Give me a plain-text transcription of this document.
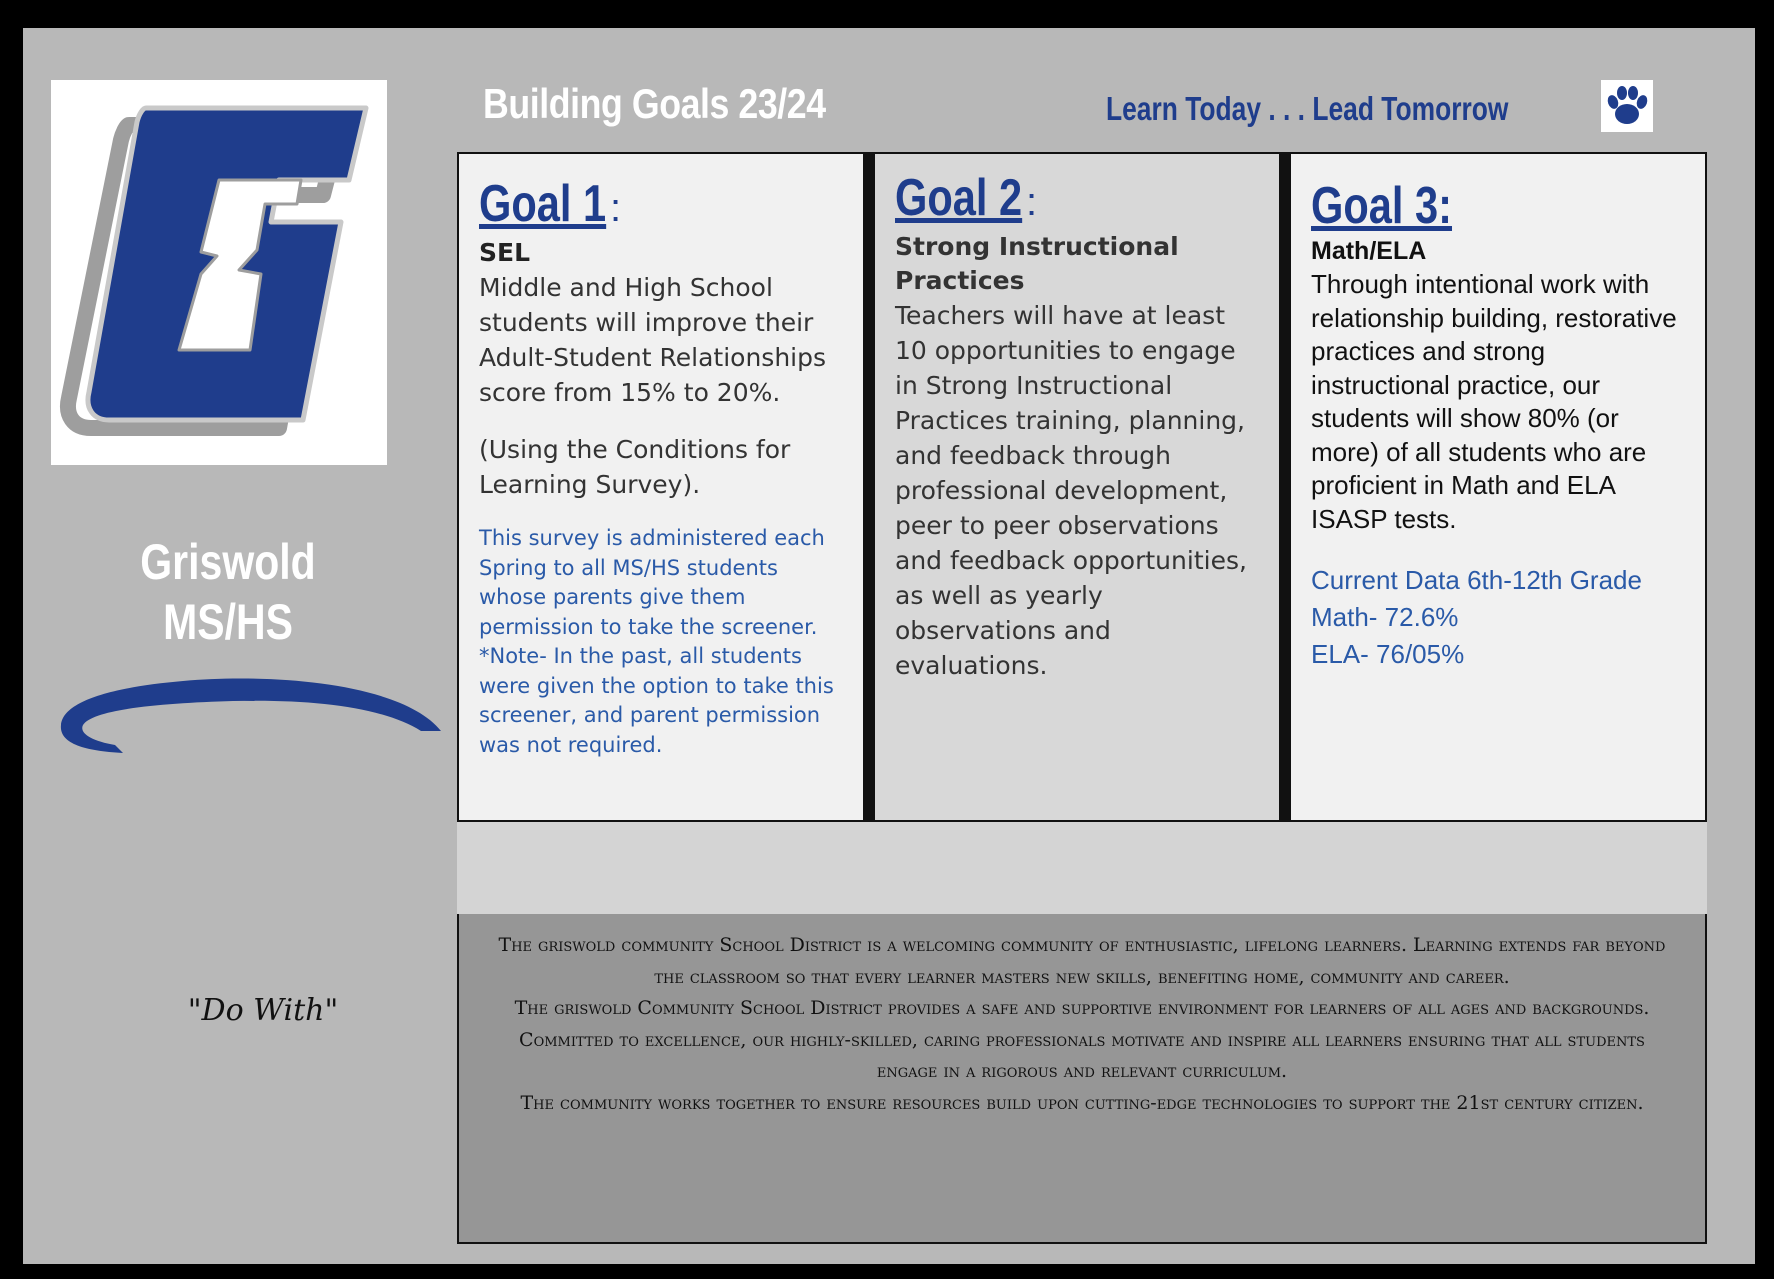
Griswold
MS/HS
"Do With"
Building Goals 23/24	Learn Today . . . Lead Tomorrow
Goal 1:
SEL
Middle and High School students will improve their Adult-Student Relationships score from 15% to 20%.
(Using the Conditions for Learning Survey).
This survey is administered each Spring to all MS/HS students whose parents give them permission to take the screener.
*Note- In the past, all students were given the option to take this screener, and parent permission was not required.
Goal 2:
Strong Instructional Practices
Teachers will have at least 10 opportunities to engage in Strong Instructional Practices training, planning, and feedback through professional development, peer to peer observations and feedback opportunities, as well as yearly observations and evaluations.
Goal 3:
Math/ELA
Through intentional work with relationship building, restorative practices and strong instructional practice, our students will show 80% (or more) of all students who are proficient in Math and ELA ISASP tests.
Current Data 6th-12th Grade
Math- 72.6%
ELA- 76/05%

The griswold community School District is a welcoming community of enthusiastic, lifelong learners. Learning extends far beyond the classroom so that every learner masters new skills, benefiting home, community and career.

The griswold Community School District provides a safe and supportive environment for learners of all ages and backgrounds. Committed to excellence, our highly-skilled, caring professionals motivate and inspire all learners ensuring that all students engage in a rigorous and relevant curriculum.

The community works together to ensure resources build upon cutting-edge technologies to support the 21st century citizen.
